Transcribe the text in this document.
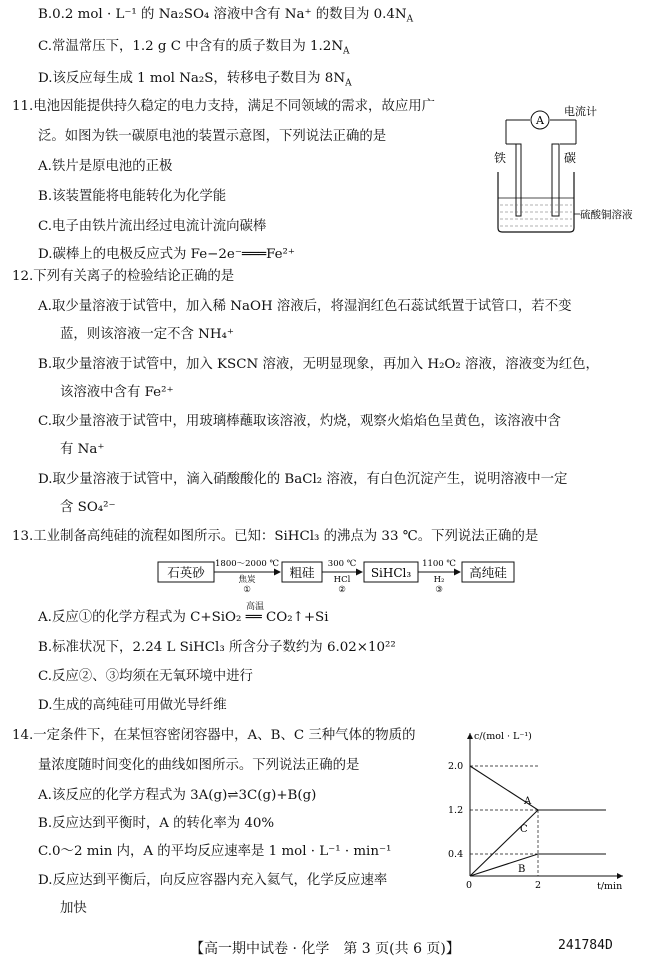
B.0.2 mol · L⁻¹ 的 Na₂SO₄ 溶液中含有 Na⁺ 的数目为 $0.4N_A$
C.常温常压下，1.2 g C 中含有的质子数目为 $1.2N_A$
D.该反应每生成 1 mol Na₂S，转移电子数目为 $8N_A$
11.电池因能提供持久稳定的电力支持，满足不同领域的需求，故应用广
泛。如图为铁一碳原电池的装置示意图，下列说法正确的是
A.铁片是原电池的正极
B.该装置能将电能转化为化学能
C.电子由铁片流出经过电流计流向碳棒
D.碳棒上的电极反应式为 Fe−2e⁻═══Fe²⁺
A
电流计
铁	碳
硫酸铜溶液
12.下列有关离子的检验结论正确的是
A.取少量溶液于试管中，加入稀 NaOH 溶液后，将湿润红色石蕊试纸置于试管口，若不变
蓝，则该溶液一定不含 NH₄⁺
B.取少量溶液于试管中，加入 KSCN 溶液，无明显现象，再加入 H₂O₂ 溶液，溶液变为红色，
该溶液中含有 Fe²⁺
C.取少量溶液于试管中，用玻璃棒蘸取该溶液，灼烧，观察火焰焰色呈黄色，该溶液中含
有 Na⁺
D.取少量溶液于试管中，滴入硝酸酸化的 BaCl₂ 溶液，有白色沉淀产生，说明溶液中一定
含 SO₄²⁻
13.工业制备高纯硅的流程如图所示。已知：SiHCl₃ 的沸点为 33 ℃。下列说法正确的是
石英砂
1800～2000 ℃
焦炭
①
粗硅
300 ℃
HCl
②
SiHCl₃
1100 ℃
H₂
③
高纯硅
A.反应①的化学方程式为 C+SiO₂ ══ CO₂↑+Si
高温
B.标准状况下，2.24 L SiHCl₃ 所含分子数约为 6.02×10²²
C.反应②、③均须在无氧环境中进行
D.生成的高纯硅可用做光导纤维
14.一定条件下，在某恒容密闭容器中，A、B、C 三种气体的物质的
量浓度随时间变化的曲线如图所示。下列说法正确的是
A.该反应的化学方程式为 3A(g)⇌3C(g)+B(g)
B.反应达到平衡时，A 的转化率为 40%
C.0～2 min 内，A 的平均反应速率是 1 mol · L⁻¹ · min⁻¹
D.反应达到平衡后，向反应容器内充入氦气，化学反应速率
加快
c/(mol · L⁻¹)
t/min
0
2.0
1.2
0.4
2
A
C
B
【高一期中试卷 · 化学　第 3 页(共 6 页)】	241784D
